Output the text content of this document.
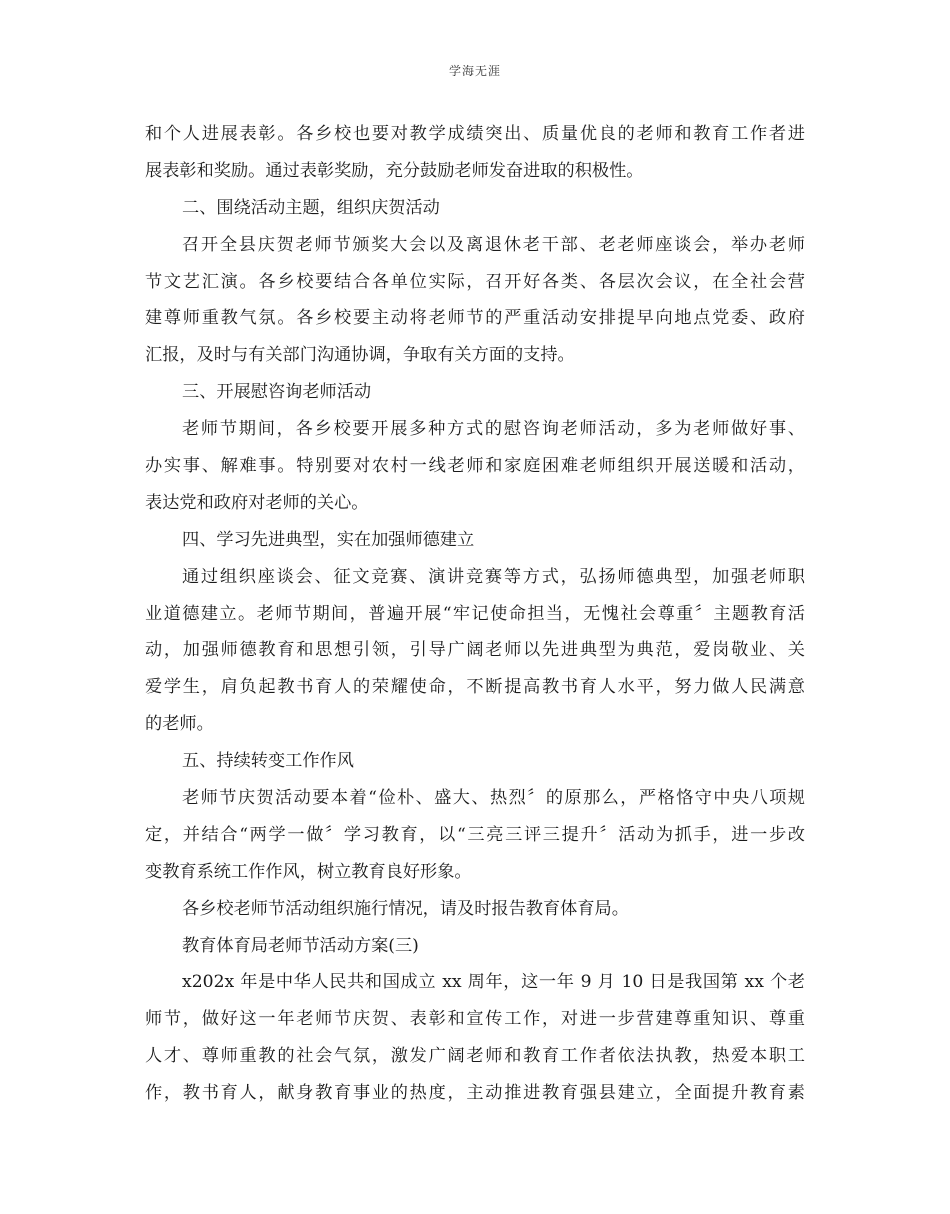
学海无涯
和个人进展表彰。各乡校也要对教学成绩突出、质量优良的老师和教育工作者进
展表彰和奖励。通过表彰奖励，充分鼓励老师发奋进取的积极性。
二、围绕活动主题，组织庆贺活动
召开全县庆贺老师节颁奖大会以及离退休老干部、老老师座谈会，举办老师
节文艺汇演。各乡校要结合各单位实际，召开好各类、各层次会议，在全社会营
建尊师重教气氛。各乡校要主动将老师节的严重活动安排提早向地点党委、政府
汇报，及时与有关部门沟通协调，争取有关方面的支持。
三、开展慰咨询老师活动
老师节期间，各乡校要开展多种方式的慰咨询老师活动，多为老师做好事、
办实事、解难事。特别要对农村一线老师和家庭困难老师组织开展送暖和活动，
表达党和政府对老师的关心。
四、学习先进典型，实在加强师德建立
通过组织座谈会、征文竞赛、演讲竞赛等方式，弘扬师德典型，加强老师职
业道德建立。老师节期间，普遍开展“牢记使命担当，无愧社会尊重〞主题教育活
动，加强师德教育和思想引领，引导广阔老师以先进典型为典范，爱岗敬业、关
爱学生，肩负起教书育人的荣耀使命，不断提高教书育人水平，努力做人民满意
的老师。
五、持续转变工作作风
老师节庆贺活动要本着“俭朴、盛大、热烈〞的原那么，严格恪守中央八项规
定，并结合“两学一做〞学习教育，以“三亮三评三提升〞活动为抓手，进一步改
变教育系统工作作风，树立教育良好形象。
各乡校老师节活动组织施行情况，请及时报告教育体育局。
教育体育局老师节活动方案(三)
x202x 年是中华人民共和国成立 xx 周年，这一年 9 月 10 日是我国第 xx 个老
师节，做好这一年老师节庆贺、表彰和宣传工作，对进一步营建尊重知识、尊重
人才、尊师重教的社会气氛，激发广阔老师和教育工作者依法执教，热爱本职工
作，教书育人，献身教育事业的热度，主动推进教育强县建立，全面提升教育素
